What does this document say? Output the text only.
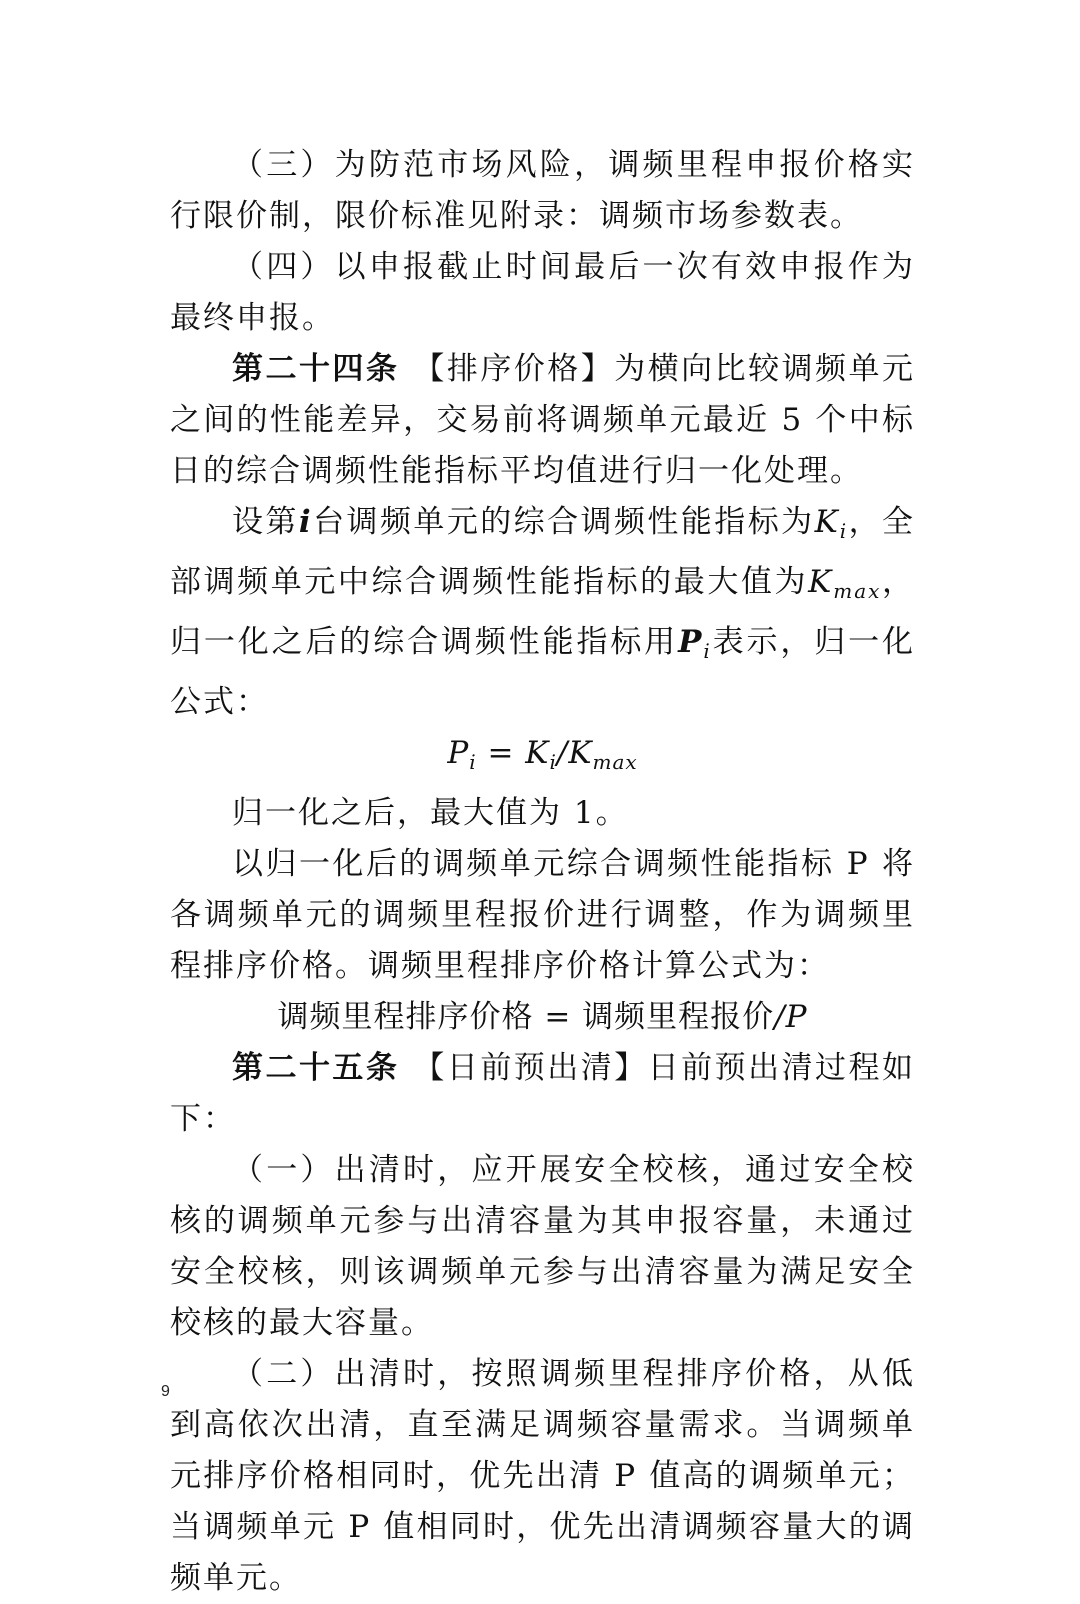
（三）为防范市场风险，调频里程申报价格实行限价制，限价标准见附录：调频市场参数表。

（四）以申报截止时间最后一次有效申报作为最终申报。

第二十四条 【排序价格】为横向比较调频单元之间的性能差异，交易前将调频单元最近 5 个中标日的综合调频性能指标平均值进行归一化处理。

设第i台调频单元的综合调频性能指标为$K_i$，全部调频单元中综合调频性能指标的最大值为$K_{max}$，归一化之后的综合调频性能指标用$P_i$表示，归一化公式：

$P_i = K_i/K_{max}$

归一化之后，最大值为 1。

以归一化后的调频单元综合调频性能指标 P 将各调频单元的调频里程报价进行调整，作为调频里程排序价格。调频里程排序价格计算公式为：

调频里程排序价格 = 调频里程报价/P

第二十五条 【日前预出清】日前预出清过程如下：

（一）出清时，应开展安全校核，通过安全校核的调频单元参与出清容量为其申报容量，未通过安全校核，则该调频单元参与出清容量为满足安全校核的最大容量。

（二）出清时，按照调频里程排序价格，从低到高依次出清，直至满足调频容量需求。当调频单元排序价格相同时，优先出清 P 值高的调频单元；当调频单元 P 值相同时，优先出清调频容量大的调频单元。

9
